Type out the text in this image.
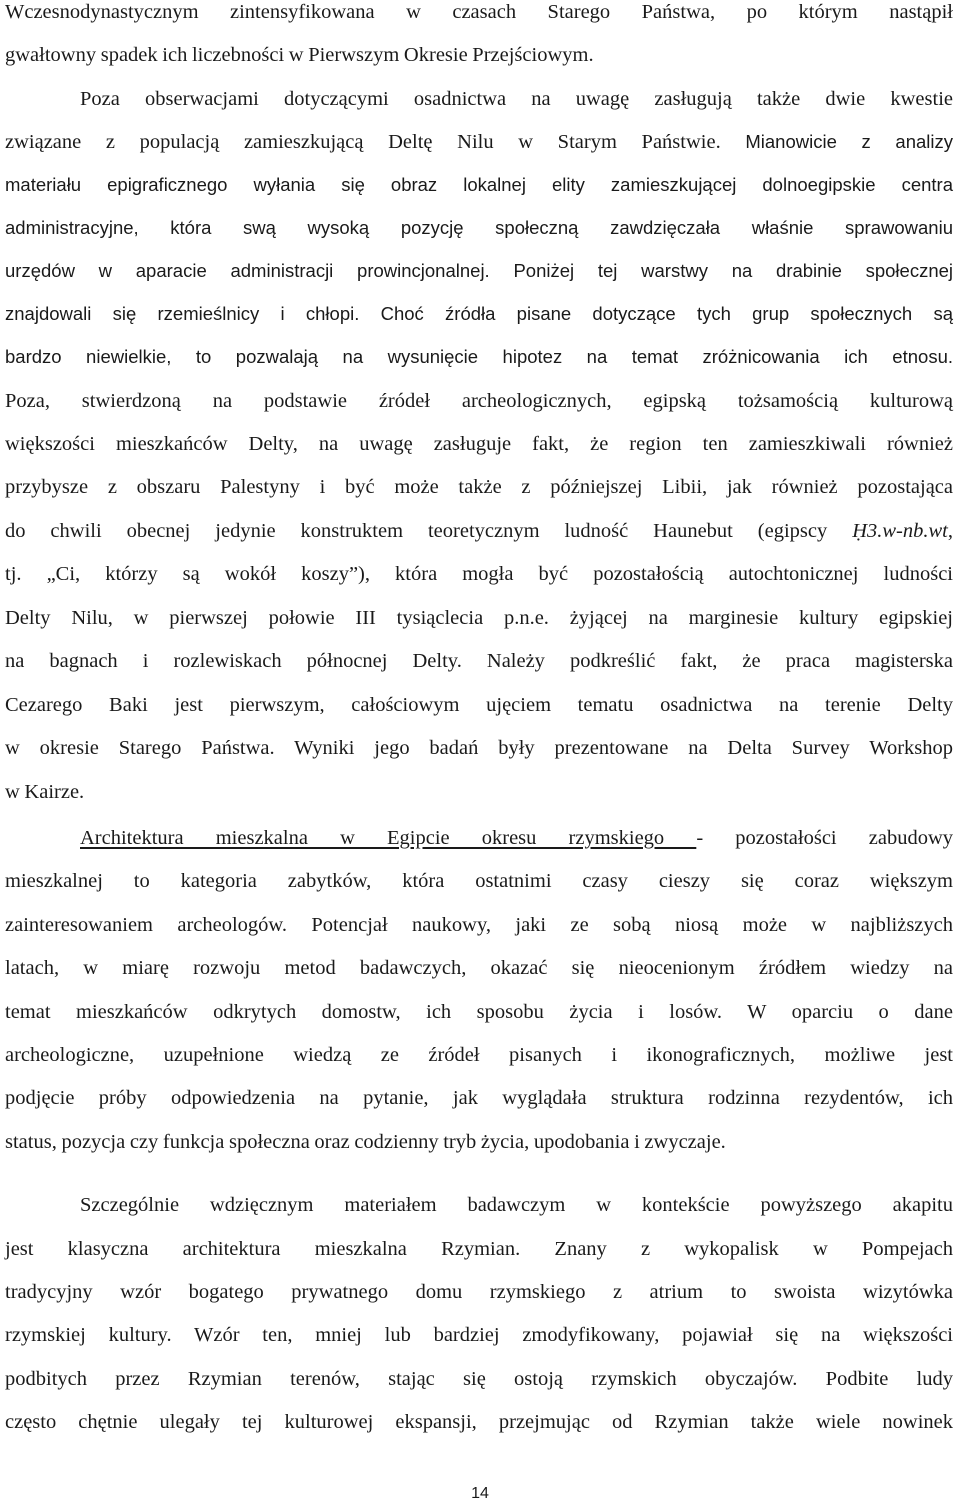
Wczesnodynastycznym zintensyfikowana w czasach Starego Państwa, po którym nastąpił
gwałtowny spadek ich liczebności w Pierwszym Okresie Przejściowym.
Poza obserwacjami dotyczącymi osadnictwa na uwagę zasługują także dwie kwestie
związane z populacją zamieszkującą Deltę Nilu w Starym Państwie. Mianowicie z analizy
materiału epigraficznego wyłania się obraz lokalnej elity zamieszkującej dolnoegipskie centra
administracyjne, która swą wysoką pozycję społeczną zawdzięczała właśnie sprawowaniu
urzędów w aparacie administracji prowincjonalnej. Poniżej tej warstwy na drabinie społecznej
znajdowali się rzemieślnicy i chłopi. Choć źródła pisane dotyczące tych grup społecznych są
bardzo niewielkie, to pozwalają na wysunięcie hipotez na temat zróżnicowania ich etnosu.
Poza, stwierdzoną na podstawie źródeł archeologicznych, egipską tożsamością kulturową
większości mieszkańców Delty, na uwagę zasługuje fakt, że region ten zamieszkiwali również
przybysze z obszaru Palestyny i być może także z późniejszej Libii, jak również pozostająca
do chwili obecnej jedynie konstruktem teoretycznym ludność Haunebut (egipscy Ḥ3.w-nb.wt,
tj. „Ci, którzy są wokół koszy”), która mogła być pozostałością autochtonicznej ludności
Delty Nilu, w pierwszej połowie III tysiąclecia p.n.e. żyjącej na marginesie kultury egipskiej
na bagnach i rozlewiskach północnej Delty. Należy podkreślić fakt, że praca magisterska
Cezarego Baki jest pierwszym, całościowym ujęciem tematu osadnictwa na terenie Delty
w okresie Starego Państwa. Wyniki jego badań były prezentowane na Delta Survey Workshop
w Kairze.
Architektura mieszkalna w Egipcie okresu rzymskiego - pozostałości zabudowy
mieszkalnej to kategoria zabytków, która ostatnimi czasy cieszy się coraz większym
zainteresowaniem archeologów. Potencjał naukowy, jaki ze sobą niosą może w najbliższych
latach, w miarę rozwoju metod badawczych, okazać się nieocenionym źródłem wiedzy na
temat mieszkańców odkrytych domostw, ich sposobu życia i losów. W oparciu o dane
archeologiczne, uzupełnione wiedzą ze źródeł pisanych i ikonograficznych, możliwe jest
podjęcie próby odpowiedzenia na pytanie, jak wyglądała struktura rodzinna rezydentów, ich
status, pozycja czy funkcja społeczna oraz codzienny tryb życia, upodobania i zwyczaje.
Szczególnie wdzięcznym materiałem badawczym w kontekście powyższego akapitu
jest klasyczna architektura mieszkalna Rzymian. Znany z wykopalisk w Pompejach
tradycyjny wzór bogatego prywatnego domu rzymskiego z atrium to swoista wizytówka
rzymskiej kultury. Wzór ten, mniej lub bardziej zmodyfikowany, pojawiał się na większości
podbitych przez Rzymian terenów, stając się ostoją rzymskich obyczajów. Podbite ludy
często chętnie ulegały tej kulturowej ekspansji, przejmując od Rzymian także wiele nowinek
14
